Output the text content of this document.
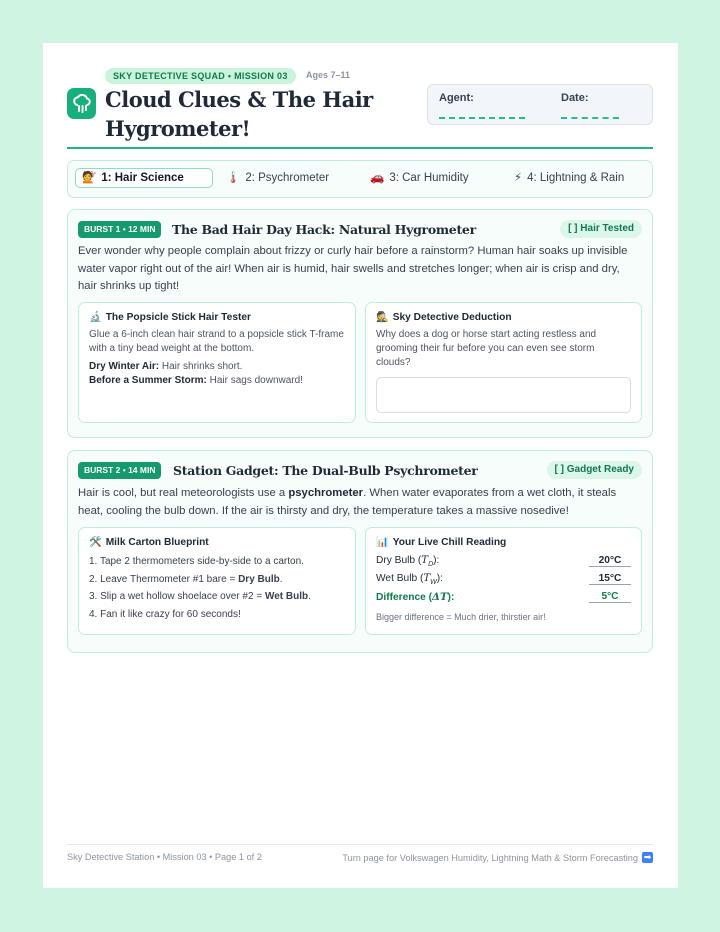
SKY DETECTIVE SQUAD • MISSION 03	Ages 7–11
Cloud Clues & The Hair Hygrometer!
Agent:	Date:
💇 1: Hair Science	🌡️ 2: Psychrometer	🚗 3: Car Humidity	⚡ 4: Lightning & Rain
BURST 1 • 12 MIN	The Bad Hair Day Hack: Natural Hygrometer	[ ] Hair Tested

Ever wonder why people complain about frizzy or curly hair before a rainstorm? Human hair soaks up invisible water vapor right out of the air! When air is humid, hair swells and stretches longer; when air is crisp and dry, hair shrinks up tight!

🔬 The Popsicle Stick Hair Tester

Glue a 6-inch clean hair strand to a popsicle stick T-frame with a tiny bead weight at the bottom.

Dry Winter Air: Hair shrinks short.

Before a Summer Storm: Hair sags downward!

🕵️ Sky Detective Deduction

Why does a dog or horse start acting restless and grooming their fur before you can even see storm clouds?

BURST 2 • 14 MIN	Station Gadget: The Dual-Bulb Psychrometer	[ ] Gadget Ready

Hair is cool, but real meteorologists use a psychrometer. When water evaporates from a wet cloth, it steals heat, cooling the bulb down. If the air is thirsty and dry, the temperature takes a massive nosedive!

🛠️ Milk Carton Blueprint
1. Tape 2 thermometers side-by-side to a carton.
2. Leave Thermometer #1 bare = Dry Bulb.
3. Slip a wet hollow shoelace over #2 = Wet Bulb.
4. Fan it like crazy for 60 seconds!
📊 Your Live Chill Reading
Dry Bulb $(T_D)$:	20°C
Wet Bulb $(T_W)$:	15°C
Difference (ΔT):	5°C
Bigger difference = Much drier, thirstier air!
Sky Detective Station • Mission 03 • Page 1 of 2	Turn page for Volkswagen Humidity, Lightning Math & Storm Forecasting ➡
